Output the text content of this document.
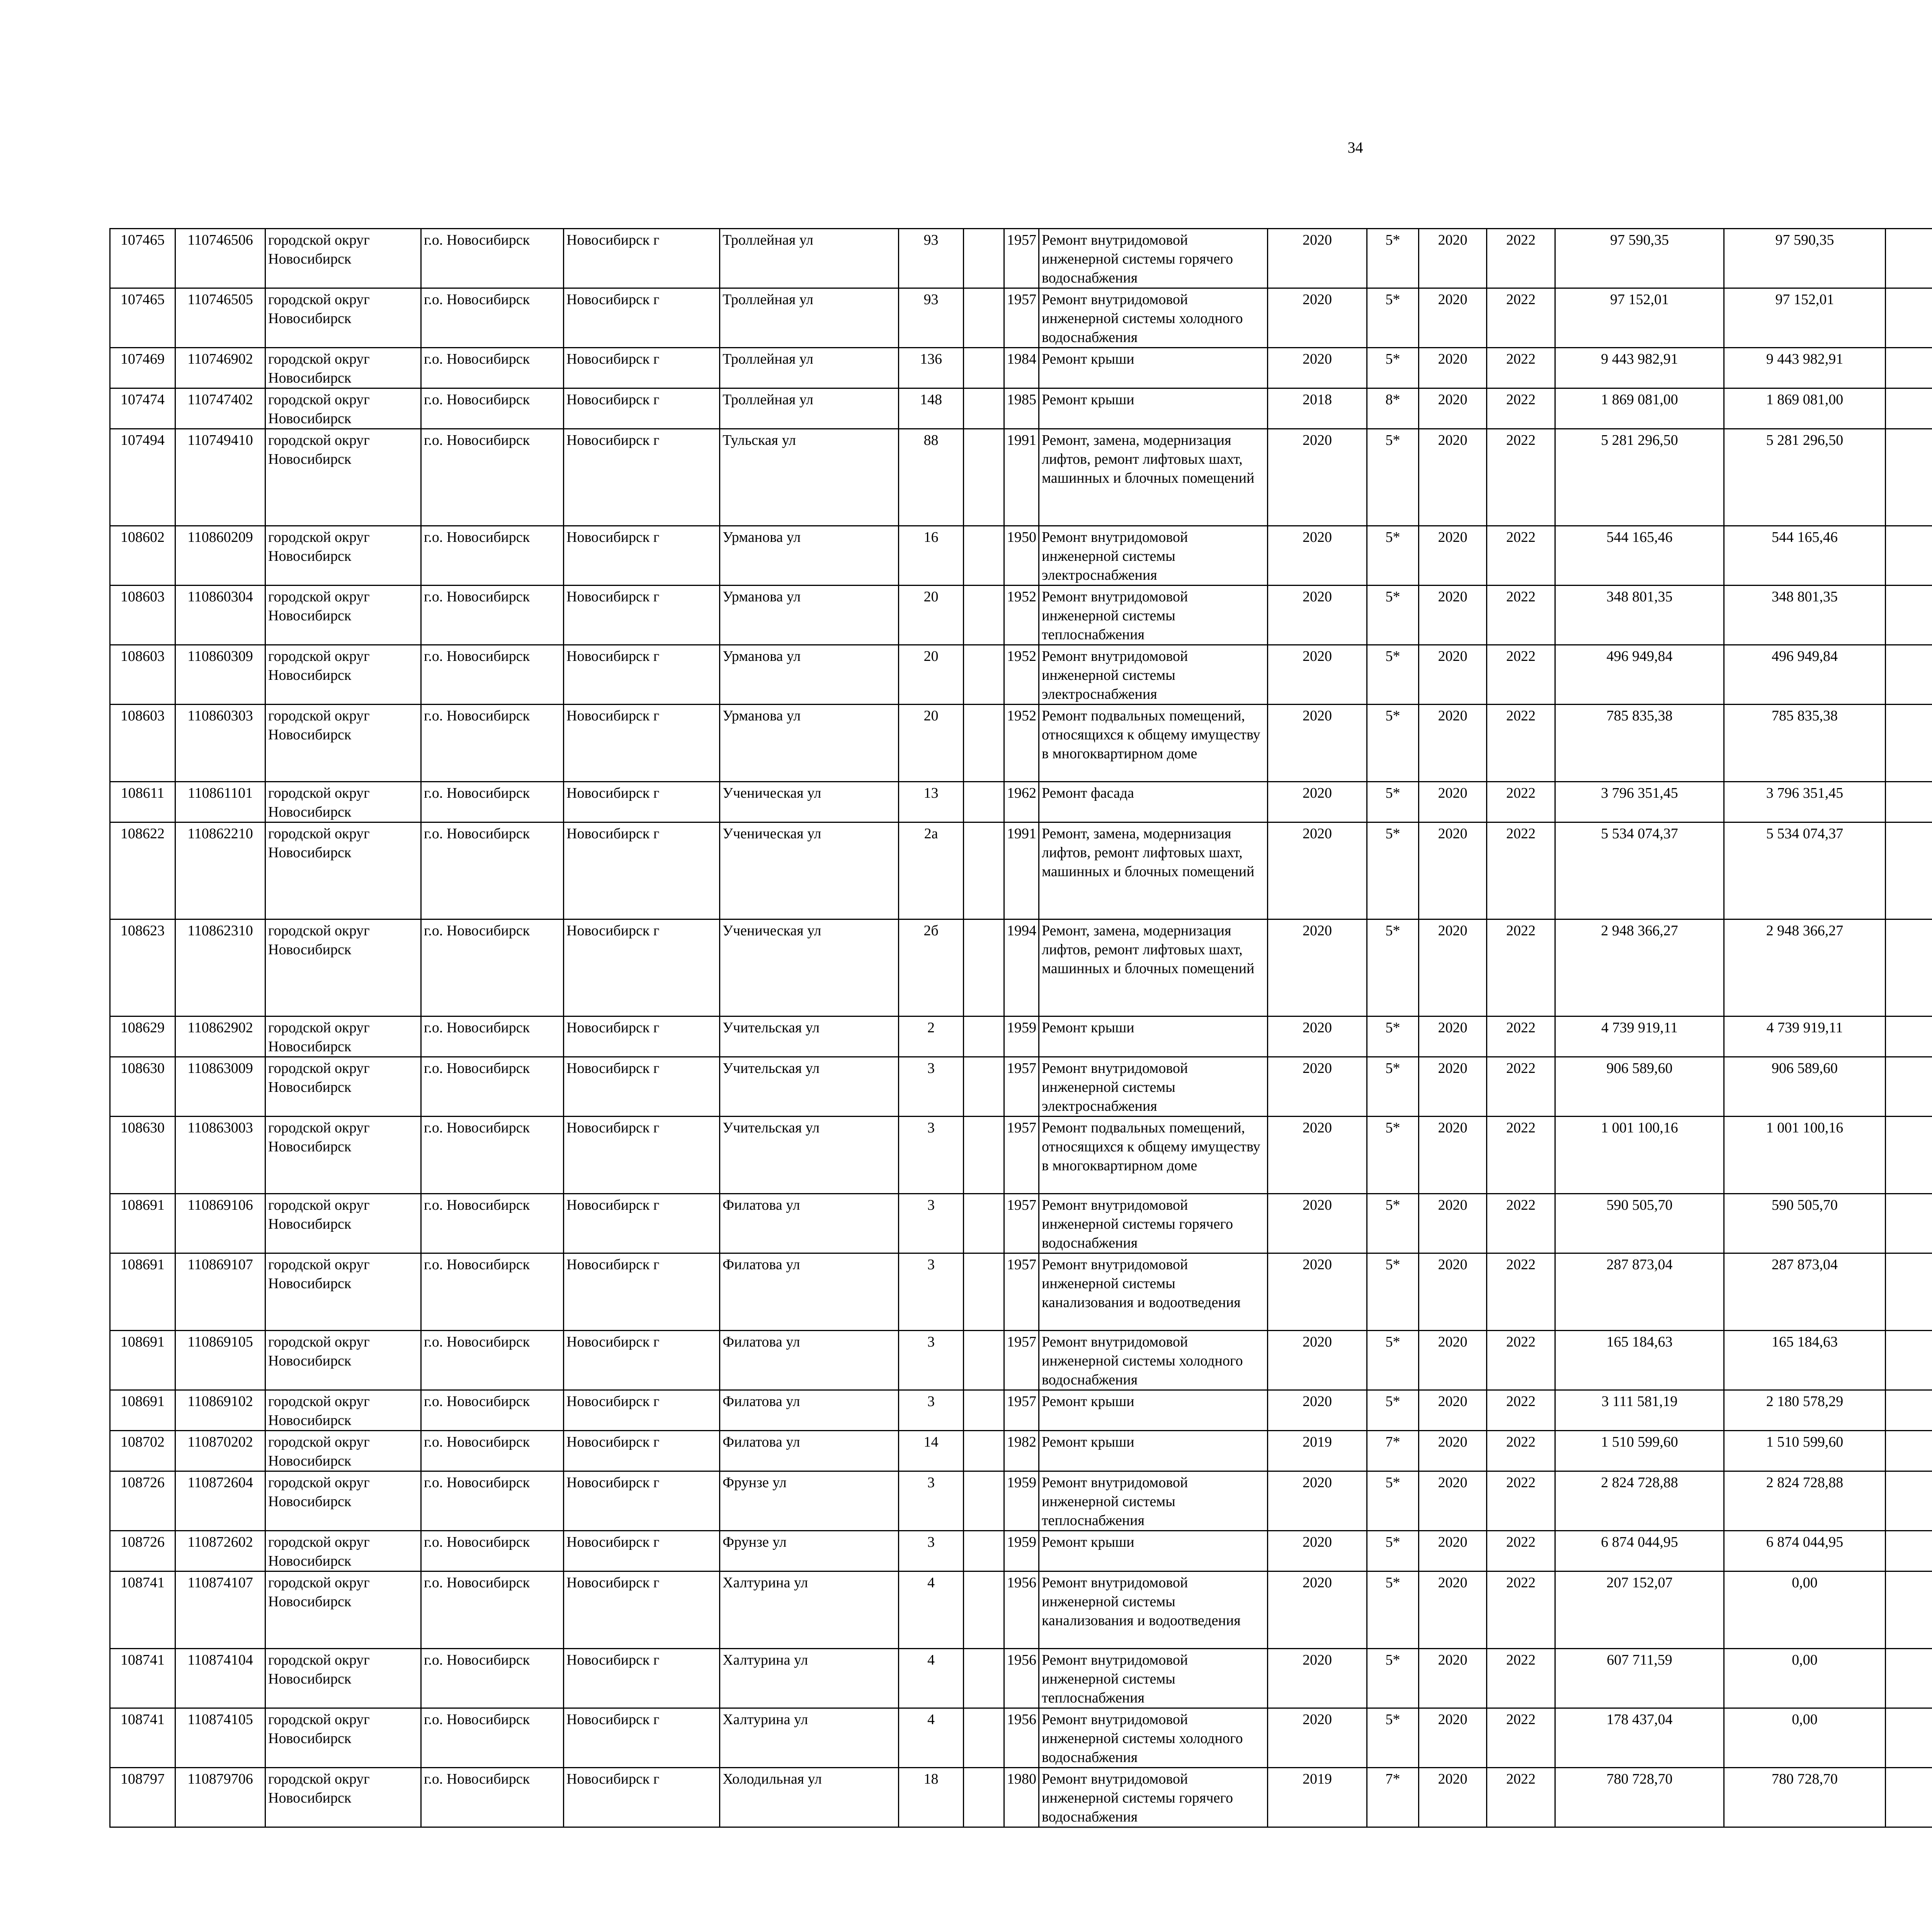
34
107465	110746506	городской округ Новосибирск	г.о. Новосибирск	Новосибирск г	Троллейная ул	93		1957	Ремонт внутридомовой инженерной системы горячего водоснабжения	2020	5*	2020	2022	97 590,35	97 590,35						
107465	110746505	городской округ Новосибирск	г.о. Новосибирск	Новосибирск г	Троллейная ул	93		1957	Ремонт внутридомовой инженерной системы холодного водоснабжения	2020	5*	2020	2022	97 152,01	97 152,01						
107469	110746902	городской округ Новосибирск	г.о. Новосибирск	Новосибирск г	Троллейная ул	136		1984	Ремонт крыши	2020	5*	2020	2022	9 443 982,91	9 443 982,91						
107474	110747402	городской округ Новосибирск	г.о. Новосибирск	Новосибирск г	Троллейная ул	148		1985	Ремонт крыши	2018	8*	2020	2022	1 869 081,00	1 869 081,00						
107494	110749410	городской округ Новосибирск	г.о. Новосибирск	Новосибирск г	Тульская ул	88		1991	Ремонт, замена, модернизация лифтов, ремонт лифтовых шахт, машинных и блочных помещений	2020	5*	2020	2022	5 281 296,50	5 281 296,50						
108602	110860209	городской округ Новосибирск	г.о. Новосибирск	Новосибирск г	Урманова ул	16		1950	Ремонт внутридомовой инженерной системы электроснабжения	2020	5*	2020	2022	544 165,46	544 165,46						
108603	110860304	городской округ Новосибирск	г.о. Новосибирск	Новосибирск г	Урманова ул	20		1952	Ремонт внутридомовой инженерной системы теплоснабжения	2020	5*	2020	2022	348 801,35	348 801,35						
108603	110860309	городской округ Новосибирск	г.о. Новосибирск	Новосибирск г	Урманова ул	20		1952	Ремонт внутридомовой инженерной системы электроснабжения	2020	5*	2020	2022	496 949,84	496 949,84						
108603	110860303	городской округ Новосибирск	г.о. Новосибирск	Новосибирск г	Урманова ул	20		1952	Ремонт подвальных помещений, относящихся к общему имуществу в многоквартирном доме	2020	5*	2020	2022	785 835,38	785 835,38						
108611	110861101	городской округ Новосибирск	г.о. Новосибирск	Новосибирск г	Ученическая ул	13		1962	Ремонт фасада	2020	5*	2020	2022	3 796 351,45	3 796 351,45						
108622	110862210	городской округ Новосибирск	г.о. Новосибирск	Новосибирск г	Ученическая ул	2а		1991	Ремонт, замена, модернизация лифтов, ремонт лифтовых шахт, машинных и блочных помещений	2020	5*	2020	2022	5 534 074,37	5 534 074,37						
108623	110862310	городской округ Новосибирск	г.о. Новосибирск	Новосибирск г	Ученическая ул	2б		1994	Ремонт, замена, модернизация лифтов, ремонт лифтовых шахт, машинных и блочных помещений	2020	5*	2020	2022	2 948 366,27	2 948 366,27						
108629	110862902	городской округ Новосибирск	г.о. Новосибирск	Новосибирск г	Учительская ул	2		1959	Ремонт крыши	2020	5*	2020	2022	4 739 919,11	4 739 919,11						
108630	110863009	городской округ Новосибирск	г.о. Новосибирск	Новосибирск г	Учительская ул	3		1957	Ремонт внутридомовой инженерной системы электроснабжения	2020	5*	2020	2022	906 589,60	906 589,60						
108630	110863003	городской округ Новосибирск	г.о. Новосибирск	Новосибирск г	Учительская ул	3		1957	Ремонт подвальных помещений, относящихся к общему имуществу в многоквартирном доме	2020	5*	2020	2022	1 001 100,16	1 001 100,16						
108691	110869106	городской округ Новосибирск	г.о. Новосибирск	Новосибирск г	Филатова ул	3		1957	Ремонт внутридомовой инженерной системы горячего водоснабжения	2020	5*	2020	2022	590 505,70	590 505,70						
108691	110869107	городской округ Новосибирск	г.о. Новосибирск	Новосибирск г	Филатова ул	3		1957	Ремонт внутридомовой инженерной системы канализования и водоотведения	2020	5*	2020	2022	287 873,04	287 873,04						
108691	110869105	городской округ Новосибирск	г.о. Новосибирск	Новосибирск г	Филатова ул	3		1957	Ремонт внутридомовой инженерной системы холодного водоснабжения	2020	5*	2020	2022	165 184,63	165 184,63						
108691	110869102	городской округ Новосибирск	г.о. Новосибирск	Новосибирск г	Филатова ул	3		1957	Ремонт крыши	2020	5*	2020	2022	3 111 581,19	2 180 578,29						
108702	110870202	городской округ Новосибирск	г.о. Новосибирск	Новосибирск г	Филатова ул	14		1982	Ремонт крыши	2019	7*	2020	2022	1 510 599,60	1 510 599,60						
108726	110872604	городской округ Новосибирск	г.о. Новосибирск	Новосибирск г	Фрунзе ул	3		1959	Ремонт внутридомовой инженерной системы теплоснабжения	2020	5*	2020	2022	2 824 728,88	2 824 728,88						
108726	110872602	городской округ Новосибирск	г.о. Новосибирск	Новосибирск г	Фрунзе ул	3		1959	Ремонт крыши	2020	5*	2020	2022	6 874 044,95	6 874 044,95						
108741	110874107	городской округ Новосибирск	г.о. Новосибирск	Новосибирск г	Халтурина ул	4		1956	Ремонт внутридомовой инженерной системы канализования и водоотведения	2020	5*	2020	2022	207 152,07	0,00						
108741	110874104	городской округ Новосибирск	г.о. Новосибирск	Новосибирск г	Халтурина ул	4		1956	Ремонт внутридомовой инженерной системы теплоснабжения	2020	5*	2020	2022	607 711,59	0,00						
108741	110874105	городской округ Новосибирск	г.о. Новосибирск	Новосибирск г	Халтурина ул	4		1956	Ремонт внутридомовой инженерной системы холодного водоснабжения	2020	5*	2020	2022	178 437,04	0,00						
108797	110879706	городской округ Новосибирск	г.о. Новосибирск	Новосибирск г	Холодильная ул	18		1980	Ремонт внутридомовой инженерной системы горячего водоснабжения	2019	7*	2020	2022	780 728,70	780 728,70						
